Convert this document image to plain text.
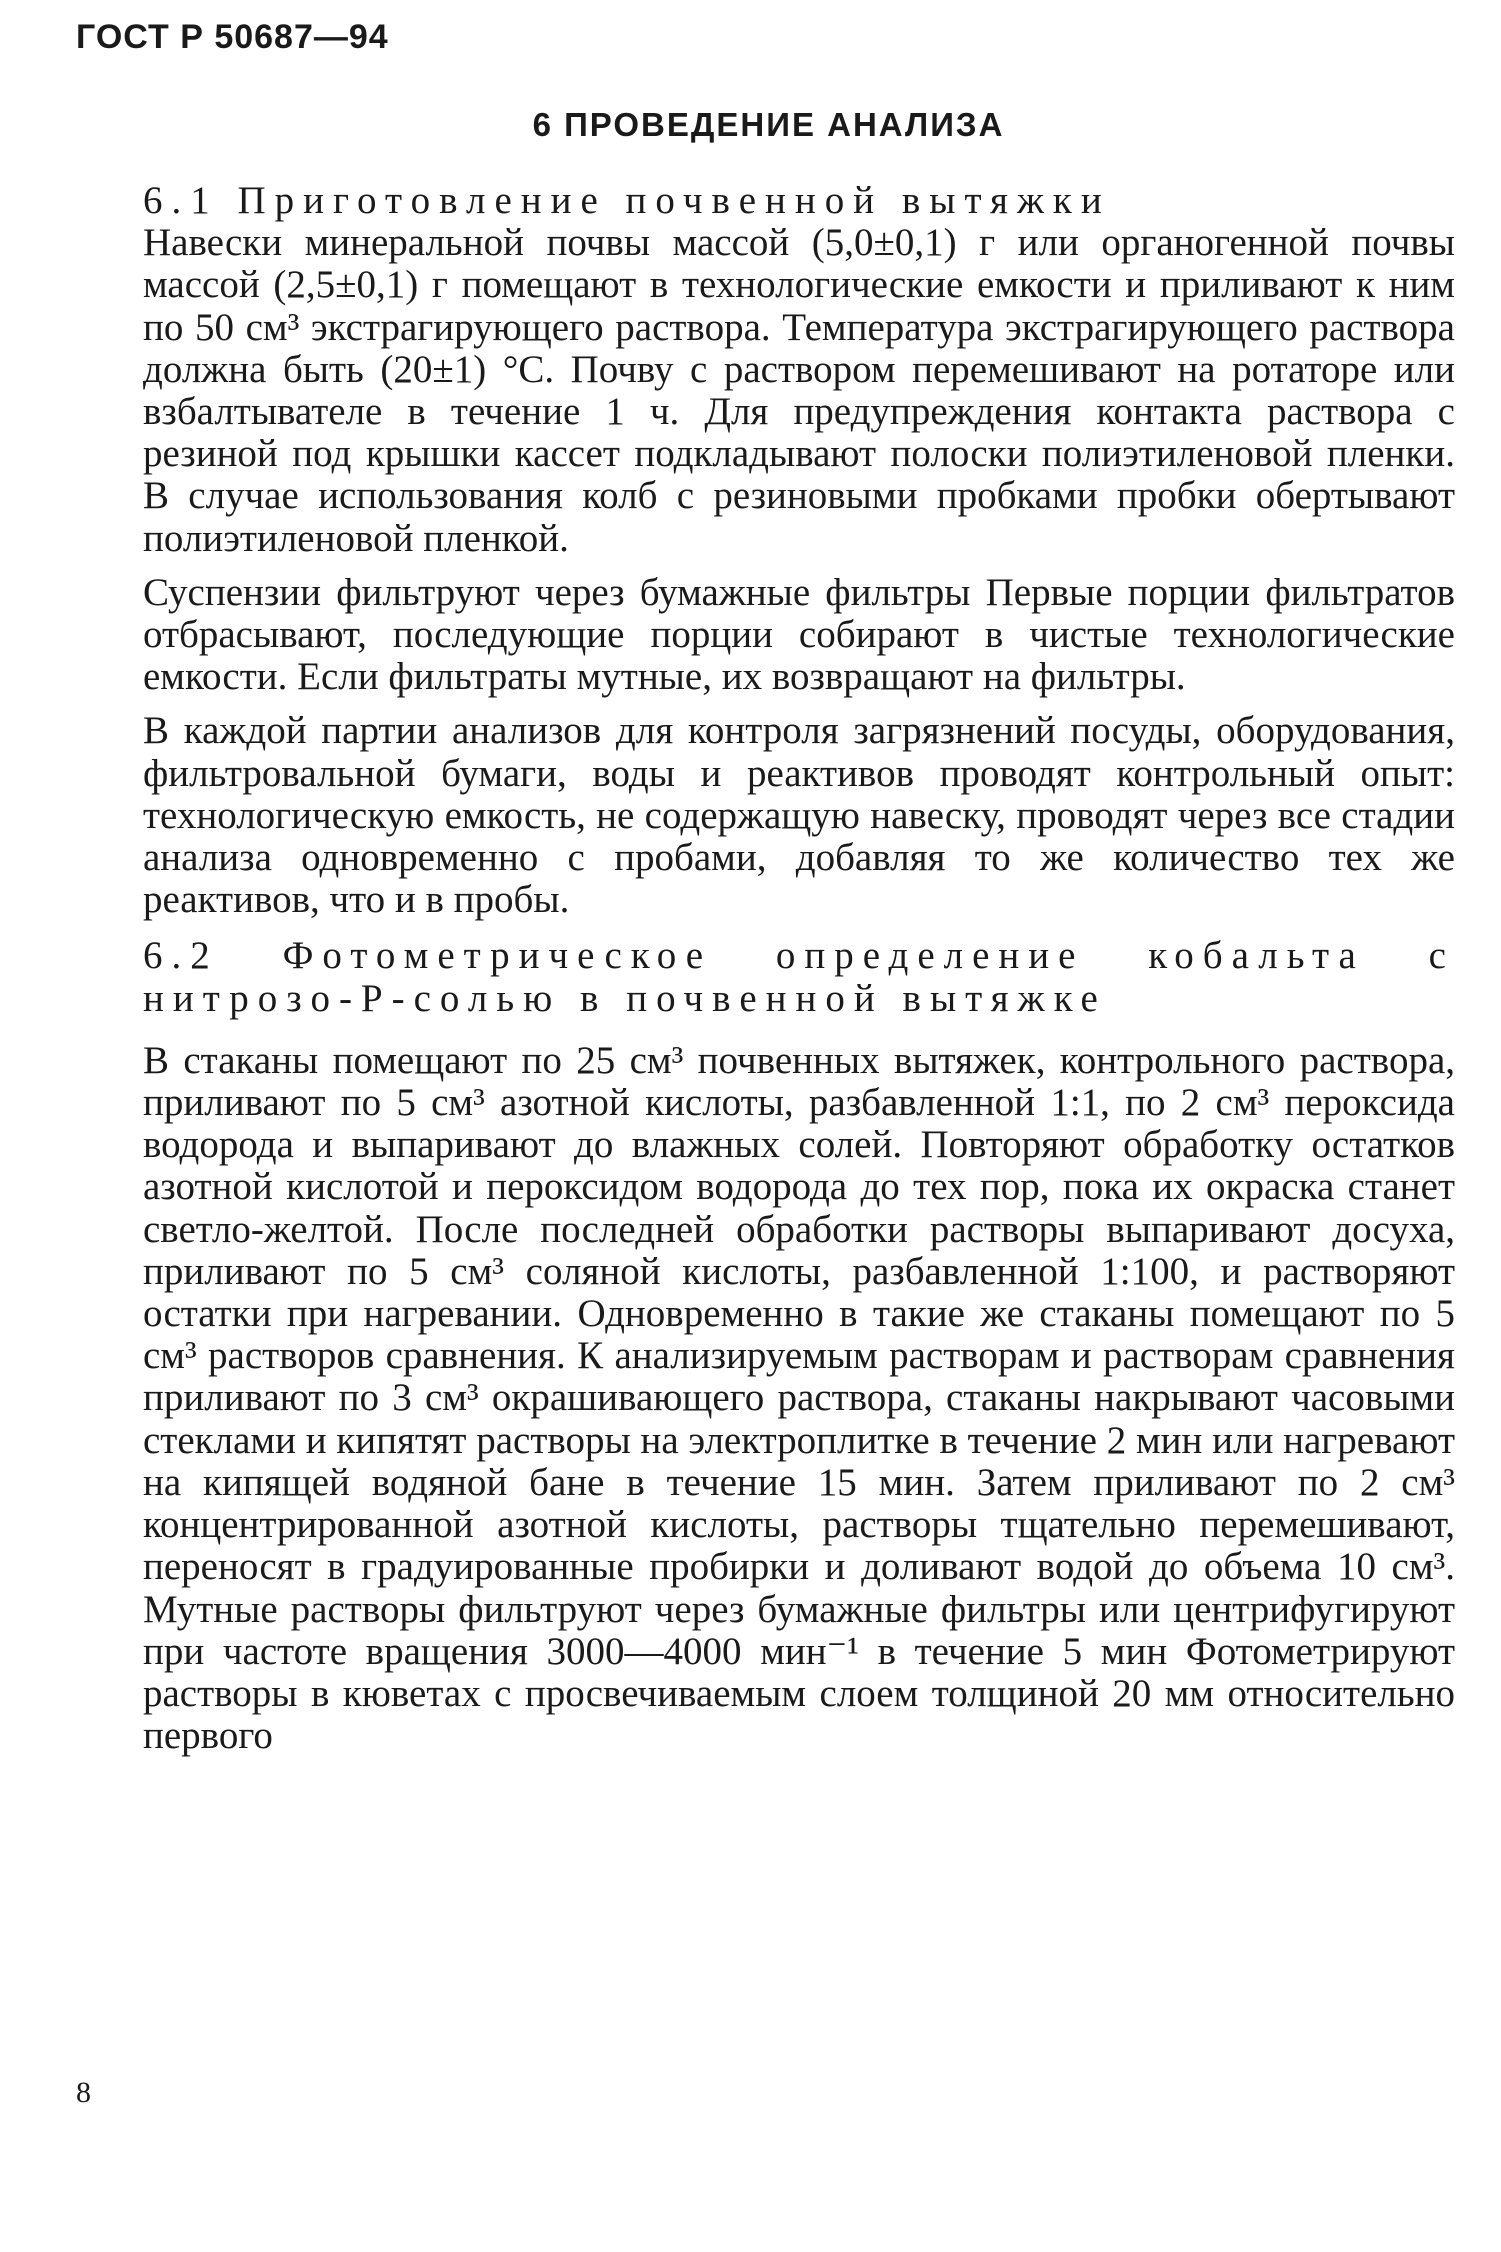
ГОСТ Р 50687—94
6 ПРОВЕДЕНИЕ АНАЛИЗА

6.1 Приготовление почвенной вытяжки

Навески минеральной почвы массой (5,0±0,1) г или органогенной почвы массой (2,5±0,1) г помещают в технологические емкости и приливают к ним по 50 см³ экстрагирующего раствора. Температура экстрагирующего раствора должна быть (20±1) °С. Почву с раствором перемешивают на ротаторе или взбалтывателе в течение 1 ч. Для предупреждения контакта раствора с резиной под крышки кассет подкладывают полоски полиэтиленовой пленки. В случае использования колб с резиновыми пробками пробки обертывают полиэтиленовой пленкой.

Суспензии фильтруют через бумажные фильтры Первые порции фильтратов отбрасывают, последующие порции собирают в чистые технологические емкости. Если фильтраты мутные, их возвращают на фильтры.

В каждой партии анализов для контроля загрязнений посуды, оборудования, фильтровальной бумаги, воды и реактивов проводят контрольный опыт: технологическую емкость, не содержащую навеску, проводят через все стадии анализа одновременно с пробами, добавляя то же количество тех же реактивов, что и в пробы.

6.2 Фотометрическое определение кобальта с нитрозо-Р-солью в почвенной вытяжке

В стаканы помещают по 25 см³ почвенных вытяжек, контрольного раствора, приливают по 5 см³ азотной кислоты, разбавленной 1:1, по 2 см³ пероксида водорода и выпаривают до влажных солей. Повторяют обработку остатков азотной кислотой и пероксидом водорода до тех пор, пока их окраска станет светло-желтой. После последней обработки растворы выпаривают досуха, приливают по 5 см³ соляной кислоты, разбавленной 1:100, и растворяют остатки при нагревании. Одновременно в такие же стаканы помещают по 5 см³ растворов сравнения. К анализируемым растворам и растворам сравнения приливают по 3 см³ окрашивающего раствора, стаканы накрывают часовыми стеклами и кипятят растворы на электроплитке в течение 2 мин или нагревают на кипящей водяной бане в течение 15 мин. Затем приливают по 2 см³ концентрированной азотной кислоты, растворы тщательно перемешивают, переносят в градуированные пробирки и доливают водой до объема 10 см³. Мутные растворы фильтруют через бумажные фильтры или центрифугируют при частоте вращения 3000—4000 мин⁻¹ в течение 5 мин Фотометрируют растворы в кюветах с просвечиваемым слоем толщиной 20 мм относительно первого

8
